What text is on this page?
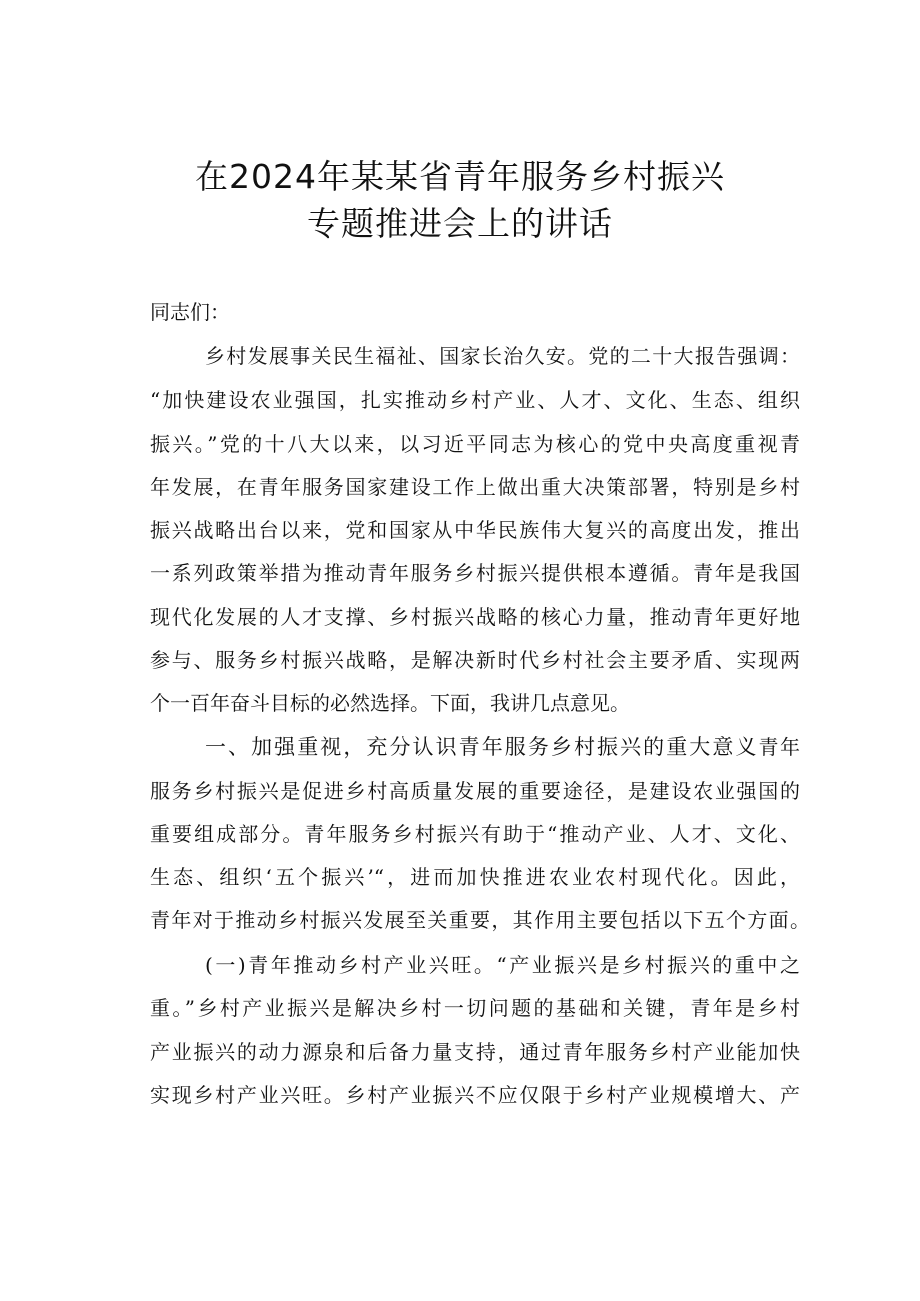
在2024年某某省青年服务乡村振兴
专题推进会上的讲话
同志们：
乡村发展事关民生福祉、国家长治久安。党的二十大报告强调：
“加快建设农业强国，扎实推动乡村产业、人才、文化、生态、组织
振兴。”党的十八大以来，以习近平同志为核心的党中央高度重视青
年发展，在青年服务国家建设工作上做出重大决策部署，特别是乡村
振兴战略出台以来，党和国家从中华民族伟大复兴的高度出发，推出
一系列政策举措为推动青年服务乡村振兴提供根本遵循。青年是我国
现代化发展的人才支撑、乡村振兴战略的核心力量，推动青年更好地
参与、服务乡村振兴战略，是解决新时代乡村社会主要矛盾、实现两
个一百年奋斗目标的必然选择。下面，我讲几点意见。
一、加强重视，充分认识青年服务乡村振兴的重大意义青年
服务乡村振兴是促进乡村高质量发展的重要途径，是建设农业强国的
重要组成部分。青年服务乡村振兴有助于“推动产业、人才、文化、
生态、组织‘五个振兴’“，进而加快推进农业农村现代化。因此，
青年对于推动乡村振兴发展至关重要，其作用主要包括以下五个方面。
(一)青年推动乡村产业兴旺。“产业振兴是乡村振兴的重中之
重。”乡村产业振兴是解决乡村一切问题的基础和关键，青年是乡村
产业振兴的动力源泉和后备力量支持，通过青年服务乡村产业能加快
实现乡村产业兴旺。乡村产业振兴不应仅限于乡村产业规模增大、产
